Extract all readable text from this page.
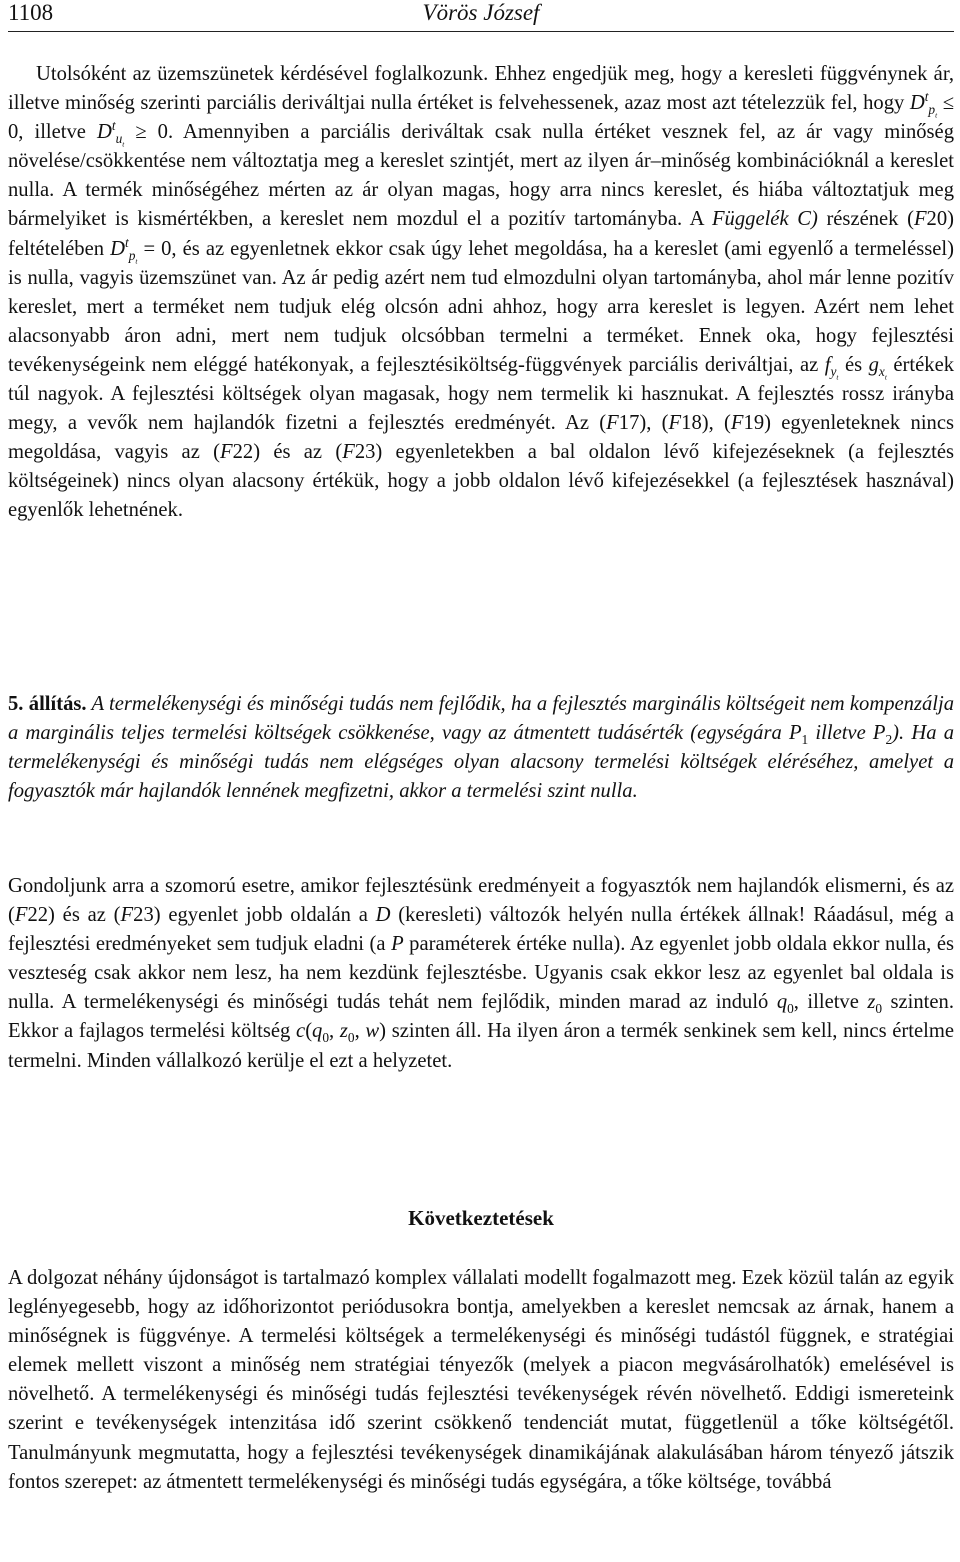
1108	Vörös József

Utolsóként az üzemszünetek kérdésével foglalkozunk. Ehhez engedjük meg, hogy a keresleti függvénynek ár, illetve minőség szerinti parciális deriváltjai nulla értéket is felvehessenek, azaz most azt tételezzük fel, hogy $D^t_{p_t} \le 0$, illetve $D^t_{u_t} \ge 0$. Amennyiben a parciális deriváltak csak nulla értéket vesznek fel, az ár vagy minőség növelése/csökkentése nem változtatja meg a kereslet szintjét, mert az ilyen ár–minőség kombinációknál a kereslet nulla. A termék minőségéhez mérten az ár olyan magas, hogy arra nincs kereslet, és hiába változtatjuk meg bármelyiket is kismértékben, a kereslet nem mozdul el a pozitív tartományba. A Függelék C) részének (F20) feltételében $D^t_{p_t} = 0$, és az egyenletnek ekkor csak úgy lehet megoldása, ha a kereslet (ami egyenlő a termeléssel) is nulla, vagyis üzemszünet van. Az ár pedig azért nem tud elmozdulni olyan tartományba, ahol már lenne pozitív kereslet, mert a terméket nem tudjuk elég olcsón adni ahhoz, hogy arra kereslet is legyen. Azért nem lehet alacsonyabb áron adni, mert nem tudjuk olcsóbban termelni a terméket. Ennek oka, hogy fejlesztési tevékenységeink nem eléggé hatékonyak, a fejlesztésiköltség-függvények parciális deriváltjai, az $f_{y_t}$ és $g_{x_t}$ értékek túl nagyok. A fejlesztési költségek olyan magasak, hogy nem termelik ki hasznukat. A fejlesztés rossz irányba megy, a vevők nem hajlandók fizetni a fejlesztés eredményét. Az (F17), (F18), (F19) egyenleteknek nincs megoldása, vagyis az (F22) és az (F23) egyenletekben a bal oldalon lévő kifejezéseknek (a fejlesztés költségeinek) nincs olyan alacsony értékük, hogy a jobb oldalon lévő kifejezésekkel (a fejlesztések hasznával) egyenlők lehetnének.

5. állítás. A termelékenységi és minőségi tudás nem fejlődik, ha a fejlesztés marginális költségeit nem kompenzálja a marginális teljes termelési költségek csökkenése, vagy az átmentett tudásérték (egységára $P_1$ illetve $P_2$). Ha a termelékenységi és minőségi tudás nem elégséges olyan alacsony termelési költségek eléréséhez, amelyet a fogyasztók már hajlandók lennének megfizetni, akkor a termelési szint nulla.

Gondoljunk arra a szomorú esetre, amikor fejlesztésünk eredményeit a fogyasztók nem hajlandók elismerni, és az (F22) és az (F23) egyenlet jobb oldalán a D (keresleti) változók helyén nulla értékek állnak! Ráadásul, még a fejlesztési eredményeket sem tudjuk eladni (a P paraméterek értéke nulla). Az egyenlet jobb oldala ekkor nulla, és veszteség csak akkor nem lesz, ha nem kezdünk fejlesztésbe. Ugyanis csak ekkor lesz az egyenlet bal oldala is nulla. A termelékenységi és minőségi tudás tehát nem fejlődik, minden marad az induló $q_0$, illetve $z_0$ szinten. Ekkor a fajlagos termelési költség $c(q_0$, $z_0$, w) szinten áll. Ha ilyen áron a termék senkinek sem kell, nincs értelme termelni. Minden vállalkozó kerülje el ezt a helyzetet.

Következtetések

A dolgozat néhány újdonságot is tartalmazó komplex vállalati modellt fogalmazott meg. Ezek közül talán az egyik leglényegesebb, hogy az időhorizontot periódusokra bontja, amelyekben a kereslet nemcsak az árnak, hanem a minőségnek is függvénye. A termelési költségek a termelékenységi és minőségi tudástól függnek, e stratégiai elemek mellett viszont a minőség nem stratégiai tényezők (melyek a piacon megvásárolhatók) emelésével is növelhető. A termelékenységi és minőségi tudás fejlesztési tevékenységek révén növelhető. Eddigi ismereteink szerint e tevékenységek intenzitása idő szerint csökkenő tendenciát mutat, függetlenül a tőke költségétől. Tanulmányunk megmutatta, hogy a fejlesztési tevékenységek dinamikájának alakulásában három tényező játszik fontos szerepet: az átmentett termelékenységi és minőségi tudás egységára, a tőke költsége, továbbá
